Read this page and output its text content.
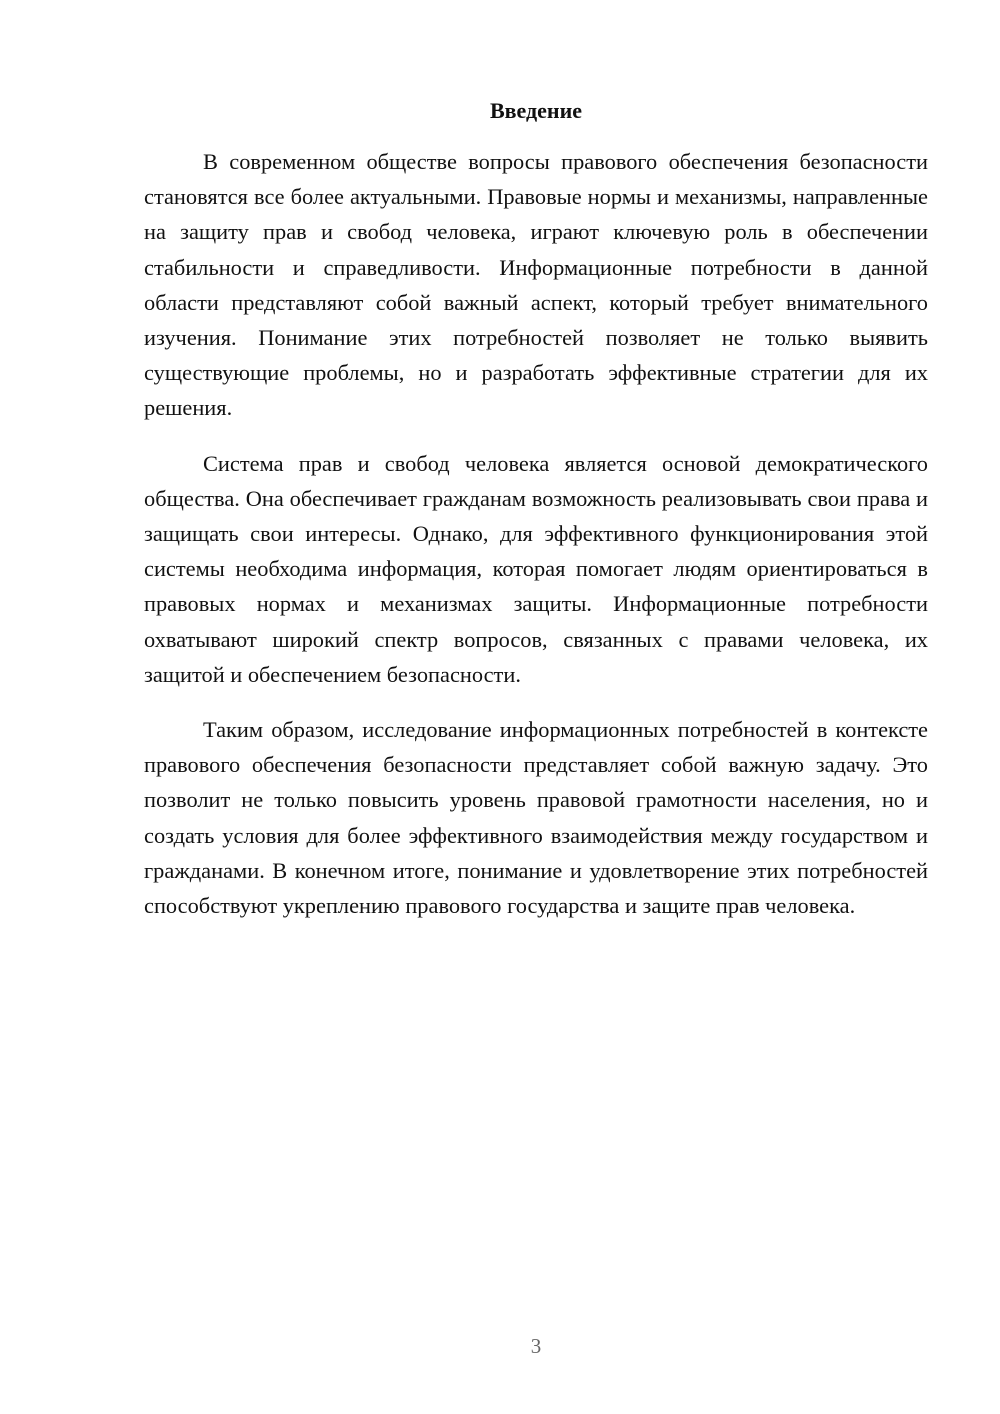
Введение

В современном обществе вопросы правового обеспечения безопасности становятся все более актуальными. Правовые нормы и механизмы, направленные на защиту прав и свобод человека, играют ключевую роль в обеспечении стабильности и справедливости. Информационные потребности в данной области представляют собой важный аспект, который требует внимательного изучения. Понимание этих потребностей позволяет не только выявить существующие проблемы, но и разработать эффективные стратегии для их решения.

Система прав и свобод человека является основой демократического общества. Она обеспечивает гражданам возможность реализовывать свои права и защищать свои интересы. Однако, для эффективного функционирования этой системы необходима информация, которая помогает людям ориентироваться в правовых нормах и механизмах защиты. Информационные потребности охватывают широкий спектр вопросов, связанных с правами человека, их защитой и обеспечением безопасности.

Таким образом, исследование информационных потребностей в контексте правового обеспечения безопасности представляет собой важную задачу. Это позволит не только повысить уровень правовой грамотности населения, но и создать условия для более эффективного взаимодействия между государством и гражданами. В конечном итоге, понимание и удовлетворение этих потребностей способствуют укреплению правового государства и защите прав человека.

3
